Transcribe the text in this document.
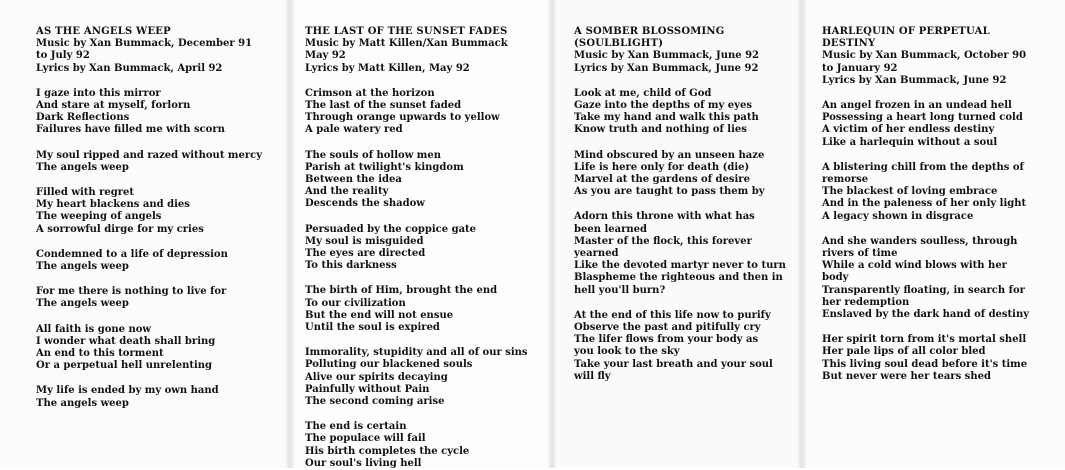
AS THE ANGELS WEEP
Music by Xan Bummack, December 91
to July 92
Lyrics by Xan Bummack, April 92
I gaze into this mirror
And stare at myself, forlorn
Dark Reflections
Failures have filled me with scorn
My soul ripped and razed without mercy
The angels weep
Filled with regret
My heart blackens and dies
The weeping of angels
A sorrowful dirge for my cries
Condemned to a life of depression
The angels weep
For me there is nothing to live for
The angels weep
All faith is gone now
I wonder what death shall bring
An end to this torment
Or a perpetual hell unrelenting
My life is ended by my own hand
The angels weep
THE LAST OF THE SUNSET FADES
Music by Matt Killen/Xan Bummack
May 92
Lyrics by Matt Killen, May 92
Crimson at the horizon
The last of the sunset faded
Through orange upwards to yellow
A pale watery red
The souls of hollow men
Parish at twilight's kingdom
Between the idea
And the reality
Descends the shadow
Persuaded by the coppice gate
My soul is misguided
The eyes are directed
To this darkness
The birth of Him, brought the end
To our civilization
But the end will not ensue
Until the soul is expired
Immorality, stupidity and all of our sins
Polluting our blackened souls
Alive our spirits decaying
Painfully without Pain
The second coming arise
The end is certain
The populace will fail
His birth completes the cycle
Our soul's living hell
A SOMBER BLOSSOMING
(SOULBLIGHT)
Music by Xan Bummack, June 92
Lyrics by Xan Bummack, June 92
Look at me, child of God
Gaze into the depths of my eyes
Take my hand and walk this path
Know truth and nothing of lies
Mind obscured by an unseen haze
Life is here only for death (die)
Marvel at the gardens of desire
As you are taught to pass them by
Adorn this throne with what has
been learned
Master of the flock, this forever
yearned
Like the devoted martyr never to turn
Blaspheme the righteous and then in
hell you'll burn?
At the end of this life now to purify
Observe the past and pitifully cry
The lifer flows from your body as
you look to the sky
Take your last breath and your soul
will fly
HARLEQUIN OF PERPETUAL
DESTINY
Music by Xan Bummack, October 90
to January 92
Lyrics by Xan Bummack, June 92
An angel frozen in an undead hell
Possessing a heart long turned cold
A victim of her endless destiny
Like a harlequin without a soul
A blistering chill from the depths of
remorse
The blackest of loving embrace
And in the paleness of her only light
A legacy shown in disgrace
And she wanders soulless, through
rivers of time
While a cold wind blows with her
body
Transparently floating, in search for
her redemption
Enslaved by the dark hand of destiny
Her spirit torn from it's mortal shell
Her pale lips of all color bled
This living soul dead before it's time
But never were her tears shed
